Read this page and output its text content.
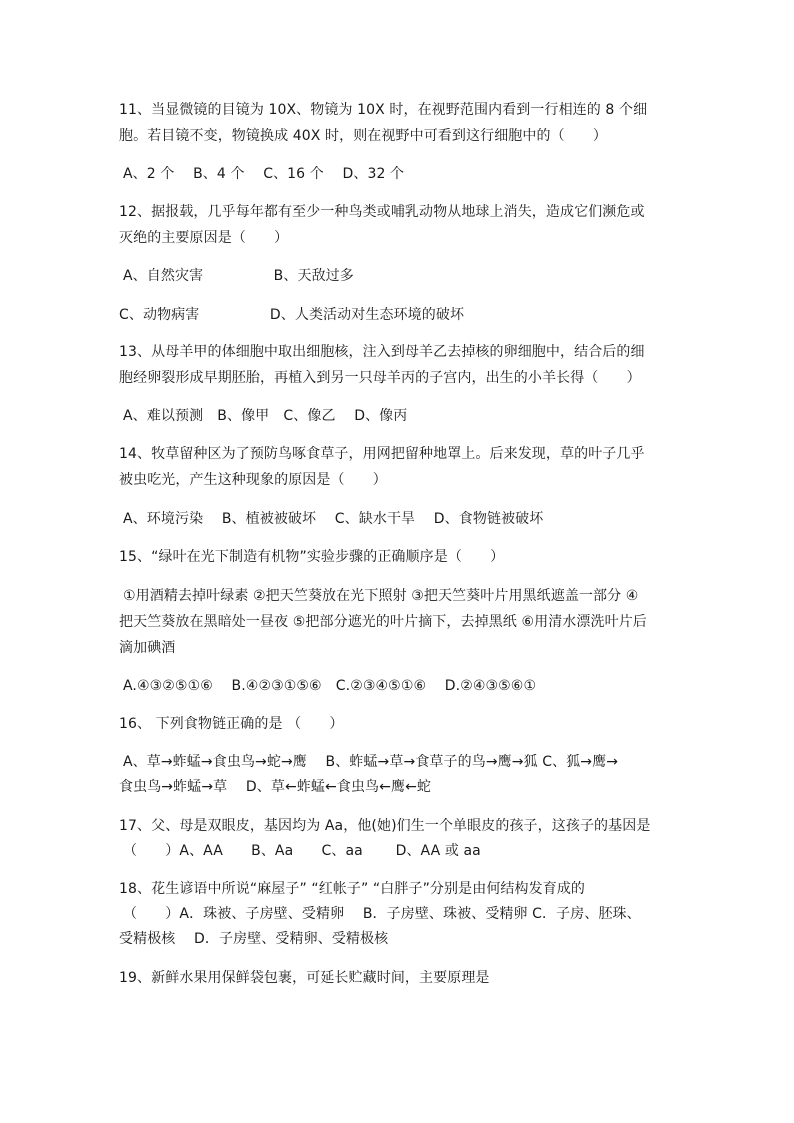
11、当显微镜的目镜为 10X、物镜为 10X 时，在视野范围内看到一行相连的 8 个细
胞。若目镜不变，物镜换成 40X 时，则在视野中可看到这行细胞中的（　　）
A、2 个　 B、4 个　 C、16 个　 D、32 个
12、据报载，几乎每年都有至少一种鸟类或哺乳动物从地球上消失，造成它们濒危或
灭绝的主要原因是（　　）
A、自然灾害　　　　　B、天敌过多
C、动物病害　　　　　D、人类活动对生态环境的破坏
13、从母羊甲的体细胞中取出细胞核，注入到母羊乙去掉核的卵细胞中，结合后的细
胞经卵裂形成早期胚胎，再植入到另一只母羊丙的子宫内，出生的小羊长得（　　）
A、难以预测　B、像甲　C、像乙　 D、像丙
14、牧草留种区为了预防鸟啄食草子，用网把留种地罩上。后来发现，草的叶子几乎
被虫吃光，产生这种现象的原因是（　　）
A、环境污染　 B、植被被破坏　 C、缺水干旱　 D、食物链被破坏
15、“绿叶在光下制造有机物”实验步骤的正确顺序是（　　）
①用酒精去掉叶绿素 ②把天竺葵放在光下照射 ③把天竺葵叶片用黑纸遮盖一部分 ④
把天竺葵放在黑暗处一昼夜 ⑤把部分遮光的叶片摘下，去掉黑纸 ⑥用清水漂洗叶片后
滴加碘酒
A.④③②⑤①⑥　 B.④②③①⑤⑥　C.②③④⑤①⑥　 D.②④③⑤⑥①
16、 下列食物链正确的是 （　　）
A、草→蚱蜢→食虫鸟→蛇→鹰　 B、蚱蜢→草→食草子的鸟→鹰→狐 C、狐→鹰→
食虫鸟→蚱蜢→草　 D、草←蚱蜢←食虫鸟←鹰←蛇
17、父、母是双眼皮，基因均为 Aa，他(她)们生一个单眼皮的孩子，这孩子的基因是
（　　）A、AA　　B、Aa　　C、aa　　 D、AA 或 aa
18、花生谚语中所说“麻屋子” “红帐子” “白胖子”分别是由何结构发育成的
（　　）A．珠被、子房壁、受精卵　 B．子房壁、珠被、受精卵 C．子房、胚珠、
受精极核　 D．子房壁、受精卵、受精极核
19、新鲜水果用保鲜袋包裹，可延长贮藏时间，主要原理是
